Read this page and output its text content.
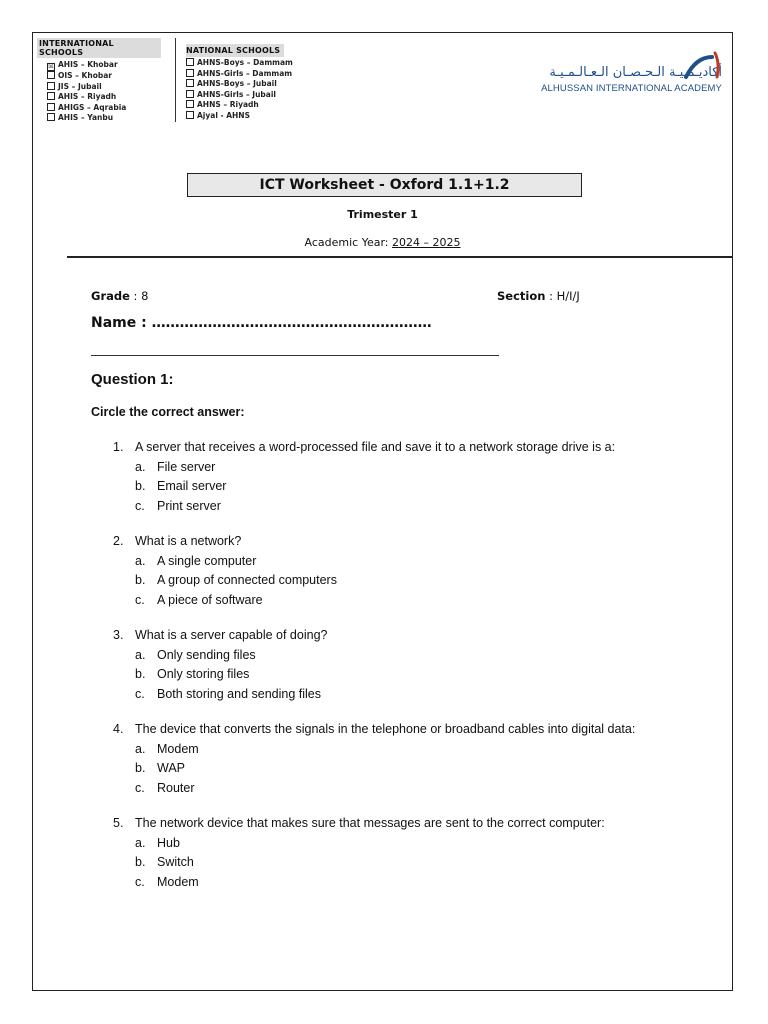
INTERNATIONAL SCHOOLS
☒ AHIS – Khobar
OIS – Khobar
JIS – Jubail
AHIS – Riyadh
AHIGS – Aqrabia
AHIS – Yanbu
NATIONAL SCHOOLS
AHNS-Boys – Dammam
AHNS-Girls – Dammam
AHNS-Boys – Jubail
AHNS-Girls – Jubail
AHNS – Riyadh
Ajyal - AHNS
أكاديـمـيـة الـحـصـان الـعـالـمـيـة
ALHUSSAN INTERNATIONAL ACADEMY
ICT Worksheet - Oxford 1.1+1.2
Trimester 1
Academic Year: 2024 – 2025
Grade : 8	Section : H/I/J
Name : ……………………………………………………
Question 1:
Circle the correct answer:
1. A server that receives a word-processed file and save it to a network storage drive is a:
a. File server
b. Email server
c. Print server
2. What is a network?
a. A single computer
b. A group of connected computers
c. A piece of software
3. What is a server capable of doing?
a. Only sending files
b. Only storing files
c. Both storing and sending files
4. The device that converts the signals in the telephone or broadband cables into digital data:
a. Modem
b. WAP
c. Router
5. The network device that makes sure that messages are sent to the correct computer:
a. Hub
b. Switch
c. Modem
